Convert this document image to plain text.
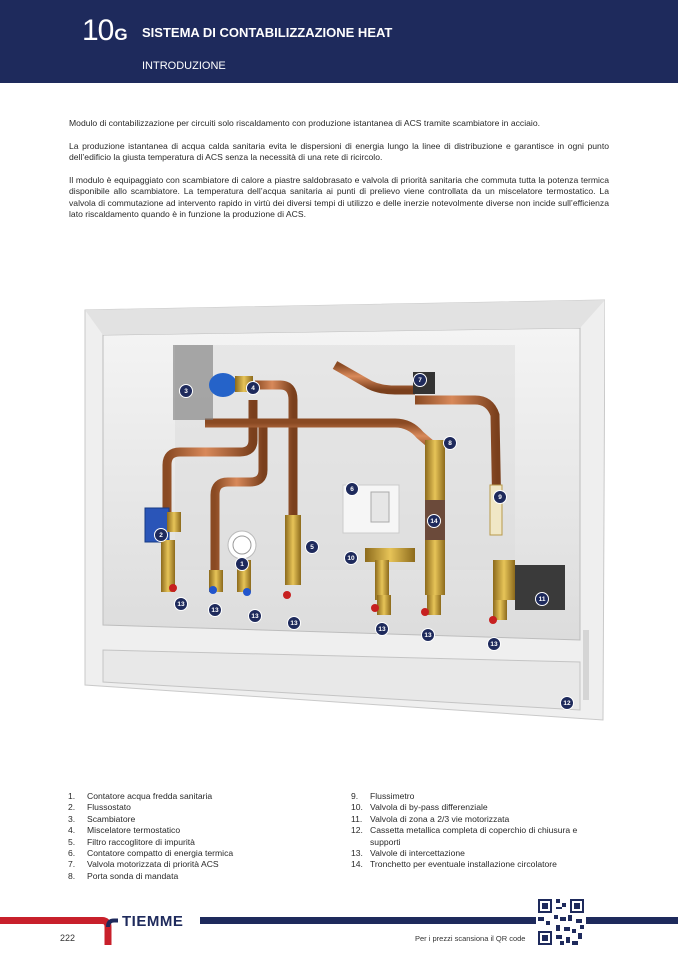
10G SISTEMA DI CONTABILIZZAZIONE HEAT
INTRODUZIONE

Modulo di contabilizzazione per circuiti solo riscaldamento con produzione istantanea di ACS tramite scambiatore in acciaio.

La produzione istantanea di acqua calda sanitaria evita le dispersioni di energia lungo la linee di distribuzione e garantisce in ogni punto dell’edificio la giusta temperatura di ACS senza la necessità di una rete di ricircolo.

Il modulo è equipaggiato con scambiatore di calore a piastre saldobrasato e valvola di priorità sanitaria che commuta tutta la potenza termica disponibile allo scambiatore. La temperatura dell’acqua sanitaria ai punti di prelievo viene controllata da un miscelatore termostatico. La valvola di commutazione ad intervento rapido in virtù dei diversi tempi di utilizzo e delle inerzie notevolmente diverse non incide sull’efficienza lato riscaldamento quando è in funzione la produzione di ACS.

1
2
3	4
5
6
7
8
9
10
11
12
13
13
13
13
13
13
13
14
1.	Contatore acqua fredda sanitaria
2.	Flussostato
3.	Scambiatore
4.	Miscelatore termostatico
5.	Filtro raccoglitore di impurità
6.	Contatore compatto di energia termica
7.	Valvola motorizzata di priorità ACS
8.	Porta sonda di mandata
9.	Flussimetro
10. Valvola di by-pass differenziale
11. Valvola di zona a 2/3 vie motorizzata
12. Cassetta metallica completa di coperchio di chiusura e supporti
13. Valvole di intercettazione
14. Tronchetto per eventuale installazione circolatore
TIEMME
222	Per i prezzi scansiona il QR code
